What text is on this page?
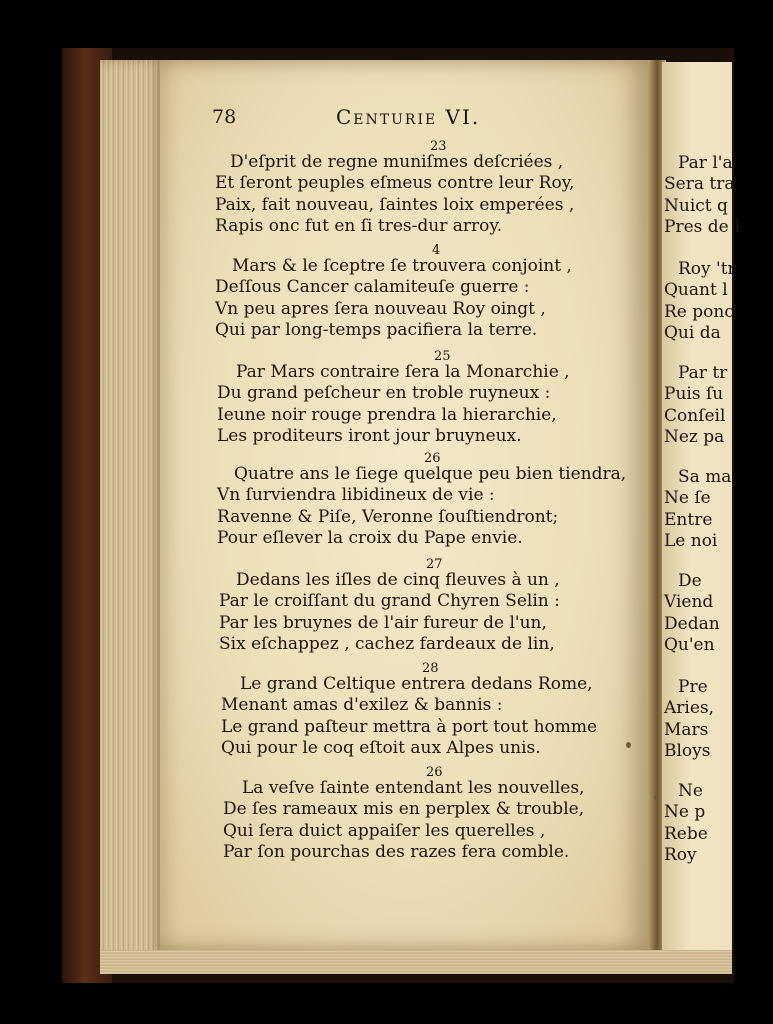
Par l'a
Sera tra
Nuict q
Pres de I
Roy 'tr
Quant l
Re ponc
Qui da
Par tr
Puis ſu
Conſeil
Nez pa
Sa ma
Ne ſe
Entre
Le noi
De
Viend
Dedan
Qu'en
Pre
Aries,
Mars
Bloys
Ne
Ne p
Rebe
Roy
78	Centurie VI.
23
D'eſprit de regne muniſmes deſcriées ,
Et ſeront peuples eſmeus contre leur Roy,
Paix, fait nouveau, ſaintes loix emperées ,
Rapis onc fut en ſi tres-dur arroy.
4
Mars & le ſceptre ſe trouvera conjoint ,
Deſſous Cancer calamiteuſe guerre :
Vn peu apres ſera nouveau Roy oingt ,
Qui par long-temps pacifiera la terre.
25
Par Mars contraire ſera la Monarchie ,
Du grand peſcheur en troble ruyneux :
Ieune noir rouge prendra la hierarchie,
Les proditeurs iront jour bruyneux.
26
Quatre ans le ſiege quelque peu bien tiendra,
Vn ſurviendra libidineux de vie :
Ravenne & Piſe, Veronne ſouſtiendront;
Pour eſlever la croix du Pape envie.
27
Dedans les iſles de cinq fleuves à un ,
Par le croiſſant du grand Chyren Selin :
Par les bruynes de l'air fureur de l'un,
Six eſchappez , cachez fardeaux de lin,
28
Le grand Celtique entrera dedans Rome,
Menant amas d'exilez & bannis :
Le grand paſteur mettra à port tout homme
Qui pour le coq eſtoit aux Alpes unis.
26
La veſve ſainte entendant les nouvelles,
De ſes rameaux mis en perplex & trouble,
Qui ſera duict appaiſer les querelles ,
Par ſon pourchas des razes fera comble.
